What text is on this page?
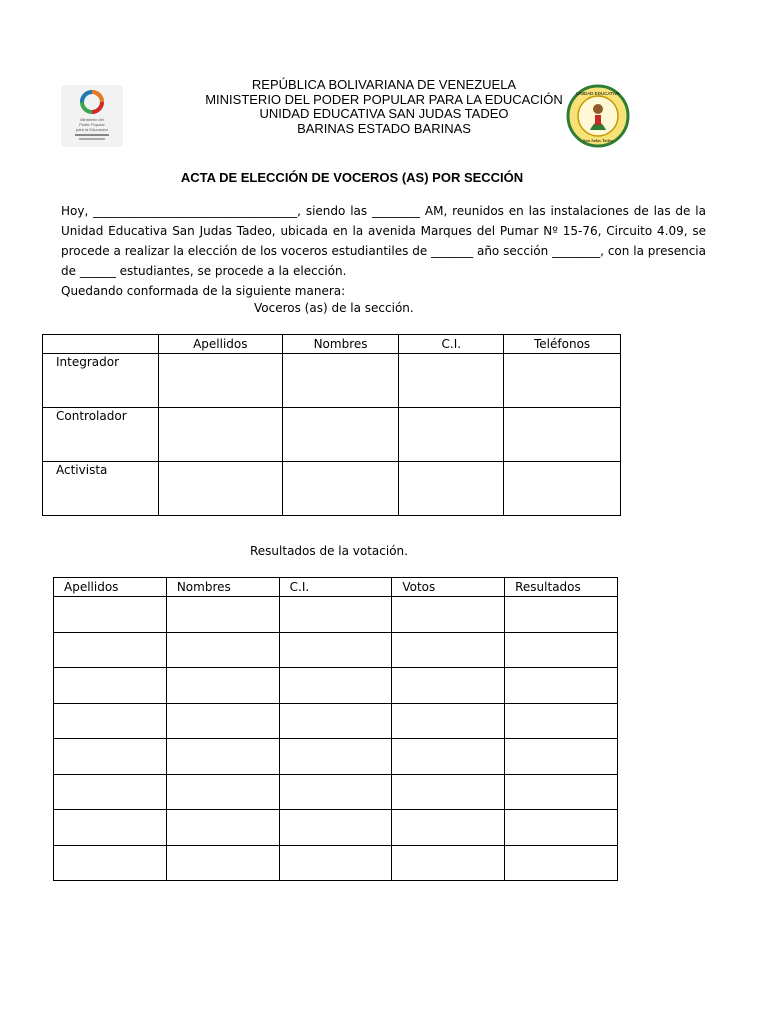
Ministerio del
Poder Popular
para la Educación
UNIDAD EDUCATIVA
San Judas Tadeo
REPÚBLICA BOLIVARIANA DE VENEZUELA
MINISTERIO DEL PODER POPULAR PARA LA EDUCACIÓN
UNIDAD EDUCATIVA SAN JUDAS TADEO
BARINAS ESTADO BARINAS
ACTA DE ELECCIÓN DE VOCEROS (AS) POR SECCIÓN
Hoy, __________________________________, siendo las ________ AM, reunidos en las instalaciones de las de la Unidad Educativa San Judas Tadeo, ubicada en la avenida Marques del Pumar Nº 15-76, Circuito 4.09, se procede a realizar la elección de los voceros estudiantiles de _______ año sección ________, con la presencia de ______ estudiantes, se procede a la elección.
Quedando conformada de la siguiente manera:
Voceros (as) de la sección.
	Apellidos	Nombres	C.I.	Teléfonos
Integrador				
Controlador				
Activista				
Resultados de la votación.
Apellidos	Nombres	C.I.	Votos	Resultados
